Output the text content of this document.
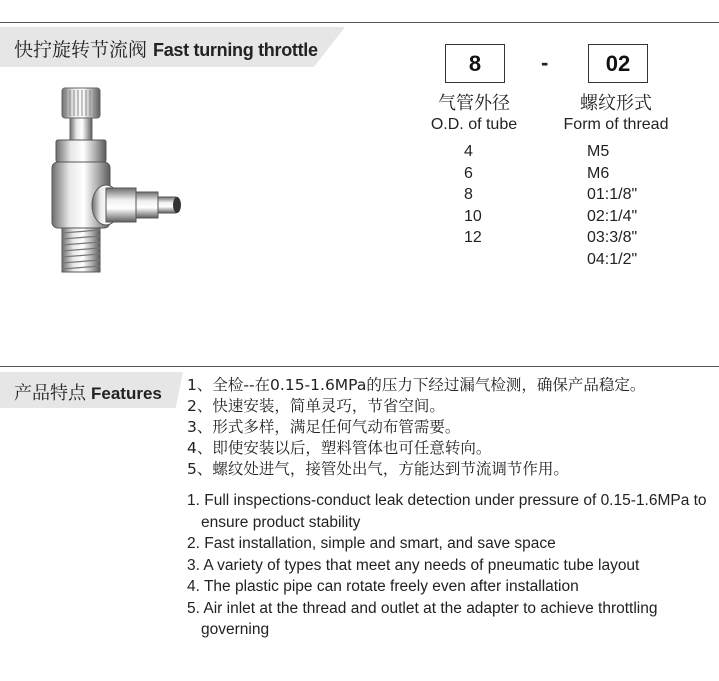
快拧旋转节流阀 Fast turning throttle
8	-	02
气管外径
O.D. of tube
螺纹形式
Form of thread
4
6
8
10
12
M5
M6
01:1/8"
02:1/4"
03:3/8"
04:1/2"
产品特点 Features 1、全检--在0.15-1.6MPa的压力下经过漏气检测，确保产品稳定。
2、快速安装，简单灵巧，节省空间。
3、形式多样，满足任何气动布管需要。
4、即使安装以后，塑料管体也可任意转向。
5、螺纹处进气，接管处出气，方能达到节流调节作用。
1. Full inspections-conduct leak detection under pressure of 0.15-1.6MPa to ensure product stability
2. Fast installation, simple and smart, and save space
3. A variety of types that meet any needs of pneumatic tube layout
4. The plastic pipe can rotate freely even after installation
5. Air inlet at the thread and outlet at the adapter to achieve throttling governing
